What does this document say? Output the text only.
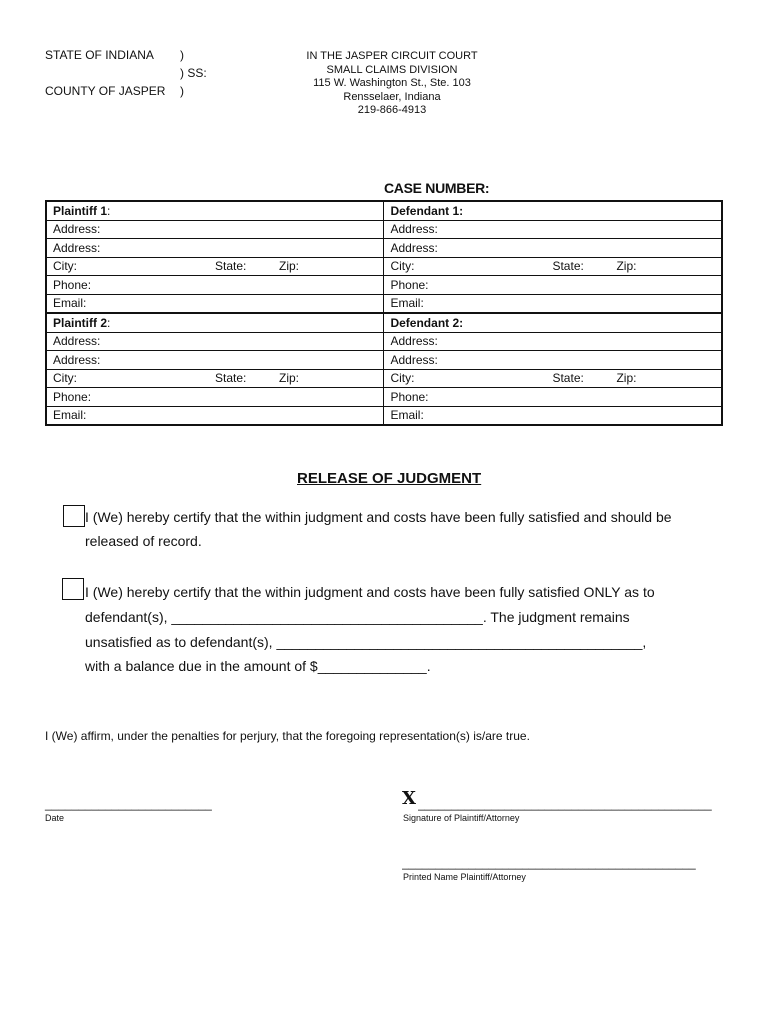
STATE OF INDIANA
COUNTY OF JASPER
)
) SS:
)
IN THE JASPER CIRCUIT COURT
SMALL CLAIMS DIVISION
115 W. Washington St., Ste. 103
Rensselaer, Indiana
219-866-4913
CASE NUMBER:
Plaintiff 1:	Defendant 1:
Address:	Address:
Address:	Address:
City: State: Zip:	City: State: Zip:

Phone:	Phone:
Email:	Email:
Plaintiff 2:	Defendant 2:
Address:	Address:
Address:	Address:
City: State: Zip:	City: State: Zip:

Phone:	Phone:
Email:	Email:
RELEASE OF JUDGMENT
I (We) hereby certify that the within judgment and costs have been fully satisfied and should be
released of record.
I (We) hereby certify that the within judgment and costs have been fully satisfied ONLY as to
defendant(s), ________________________________________. The judgment remains
unsatisfied as to defendant(s), _______________________________________________,
with a balance due in the amount of $______________.
I (We) affirm, under the penalties for perjury, that the foregoing representation(s) is/are true.
_________________________
Date
X ____________________________________________
Signature of Plaintiff/Attorney
____________________________________________
Printed Name Plaintiff/Attorney
